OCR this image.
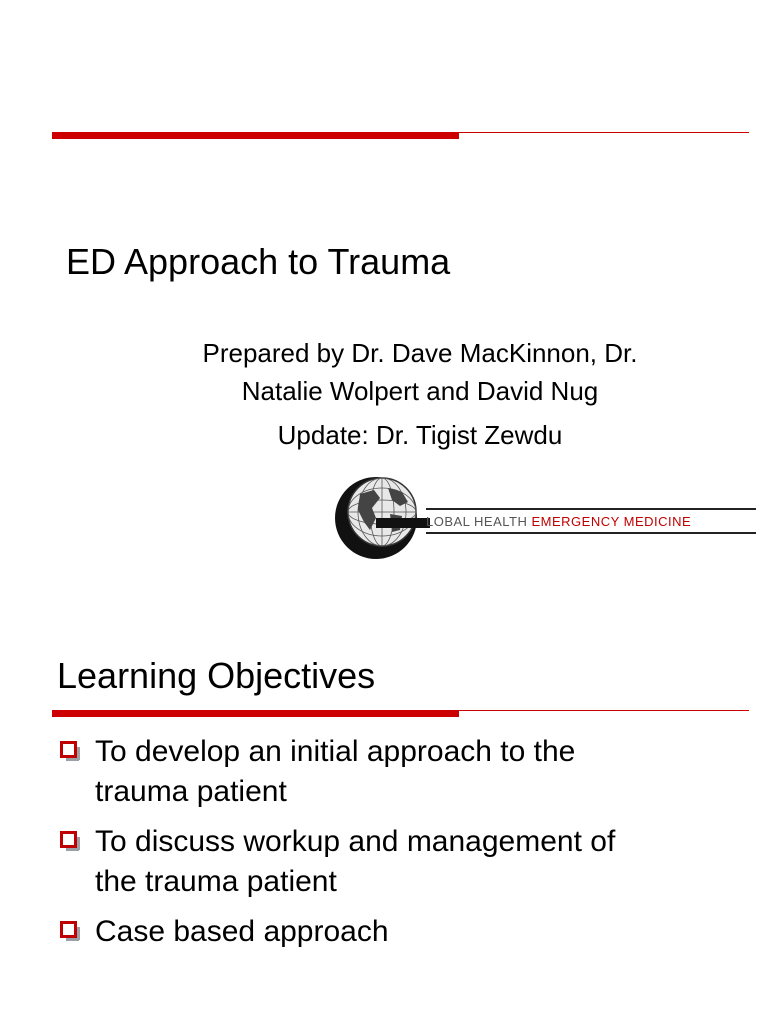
ED Approach to Trauma
Prepared by Dr. Dave MacKinnon, Dr.
Natalie Wolpert and David Nug
Update: Dr. Tigist Zewdu
LOBAL HEALTH EMERGENCY MEDICINE
Learning Objectives
To develop an initial approach to the
trauma patient
To discuss workup and management of
the trauma patient
Case based approach
